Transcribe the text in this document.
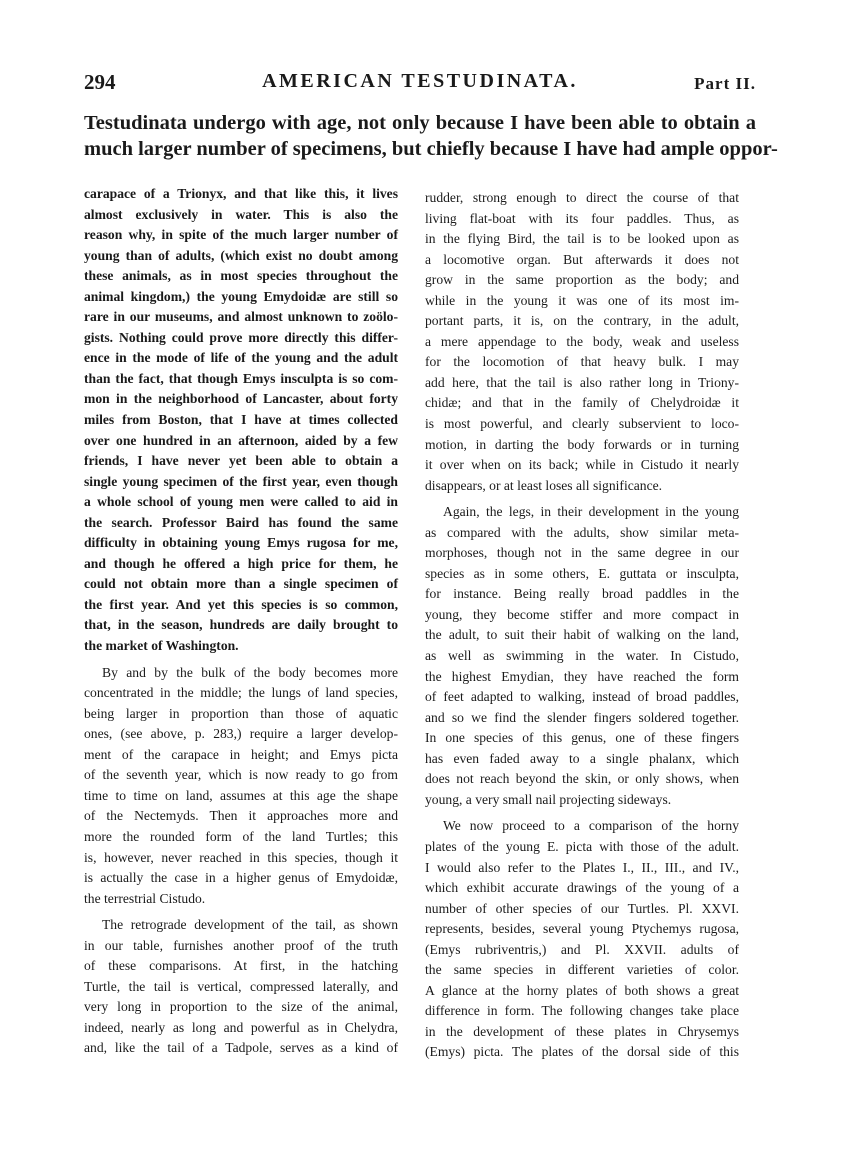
294	AMERICAN TESTUDINATA.	Part II.
Testudinata undergo with age, not only because I have been able to obtain a
much larger number of specimens, but chiefly because I have had ample oppor-
carapace of a Trionyx, and that like this, it lives
almost exclusively in water. This is also the
reason why, in spite of the much larger number of
young than of adults, (which exist no doubt among
these animals, as in most species throughout the
animal kingdom,) the young Emydoidæ are still so
rare in our museums, and almost unknown to zoölo-
gists. Nothing could prove more directly this differ-
ence in the mode of life of the young and the adult
than the fact, that though Emys insculpta is so com-
mon in the neighborhood of Lancaster, about forty
miles from Boston, that I have at times collected
over one hundred in an afternoon, aided by a few
friends, I have never yet been able to obtain a
single young specimen of the first year, even though
a whole school of young men were called to aid in
the search. Professor Baird has found the same
difficulty in obtaining young Emys rugosa for me,
and though he offered a high price for them, he
could not obtain more than a single specimen of
the first year. And yet this species is so common,
that, in the season, hundreds are daily brought to
the market of Washington.
By and by the bulk of the body becomes more
concentrated in the middle; the lungs of land species,
being larger in proportion than those of aquatic
ones, (see above, p. 283,) require a larger develop-
ment of the carapace in height; and Emys picta
of the seventh year, which is now ready to go from
time to time on land, assumes at this age the shape
of the Nectemyds. Then it approaches more and
more the rounded form of the land Turtles; this
is, however, never reached in this species, though it
is actually the case in a higher genus of Emydoidæ,
the terrestrial Cistudo.
The retrograde development of the tail, as shown
in our table, furnishes another proof of the truth
of these comparisons. At first, in the hatching
Turtle, the tail is vertical, compressed laterally, and
very long in proportion to the size of the animal,
indeed, nearly as long and powerful as in Chelydra,
and, like the tail of a Tadpole, serves as a kind of
rudder, strong enough to direct the course of that
living flat-boat with its four paddles. Thus, as
in the flying Bird, the tail is to be looked upon as
a locomotive organ. But afterwards it does not
grow in the same proportion as the body; and
while in the young it was one of its most im-
portant parts, it is, on the contrary, in the adult,
a mere appendage to the body, weak and useless
for the locomotion of that heavy bulk. I may
add here, that the tail is also rather long in Triony-
chidæ; and that in the family of Chelydroidæ it
is most powerful, and clearly subservient to loco-
motion, in darting the body forwards or in turning
it over when on its back; while in Cistudo it nearly
disappears, or at least loses all significance.
Again, the legs, in their development in the young
as compared with the adults, show similar meta-
morphoses, though not in the same degree in our
species as in some others, E. guttata or insculpta,
for instance. Being really broad paddles in the
young, they become stiffer and more compact in
the adult, to suit their habit of walking on the land,
as well as swimming in the water. In Cistudo,
the highest Emydian, they have reached the form
of feet adapted to walking, instead of broad paddles,
and so we find the slender fingers soldered together.
In one species of this genus, one of these fingers
has even faded away to a single phalanx, which
does not reach beyond the skin, or only shows, when
young, a very small nail projecting sideways.
We now proceed to a comparison of the horny
plates of the young E. picta with those of the adult.
I would also refer to the Plates I., II., III., and IV.,
which exhibit accurate drawings of the young of a
number of other species of our Turtles. Pl. XXVI.
represents, besides, several young Ptychemys rugosa,
(Emys rubriventris,) and Pl. XXVII. adults of
the same species in different varieties of color.
A glance at the horny plates of both shows a great
difference in form. The following changes take place
in the development of these plates in Chrysemys
(Emys) picta. The plates of the dorsal side of this
